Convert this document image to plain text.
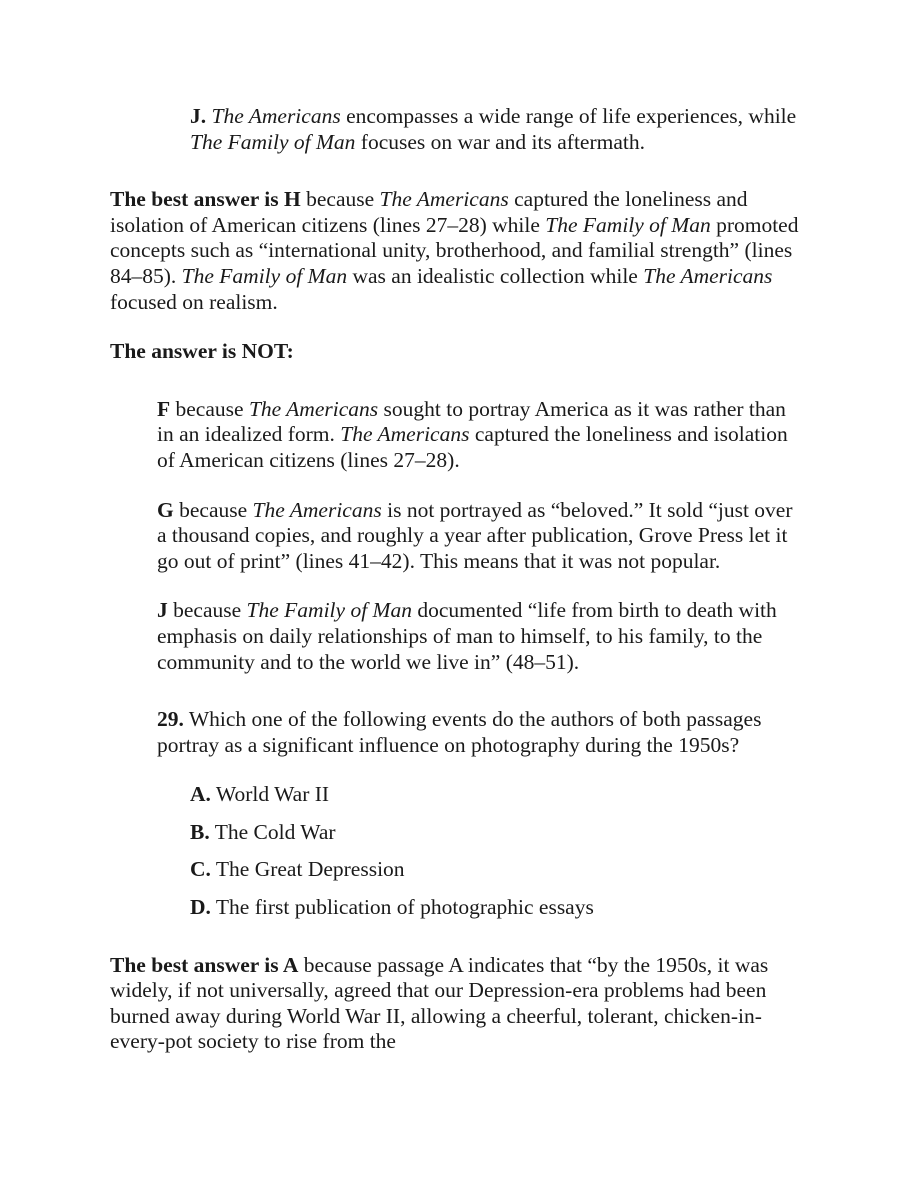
J. The Americans encompasses a wide range of life experiences, while The Family of Man focuses on war and its aftermath.

The best answer is H because The Americans captured the loneliness and isolation of American citizens (lines 27–28) while The Family of Man promoted concepts such as “international unity, brotherhood, and familial strength” (lines 84–85). The Family of Man was an idealistic collection while The Americans focused on realism.

The answer is NOT:

F because The Americans sought to portray America as it was rather than in an idealized form. The Americans captured the loneliness and isolation of American citizens (lines 27–28).

G because The Americans is not portrayed as “beloved.” It sold “just over a thousand copies, and roughly a year after publication, Grove Press let it go out of print” (lines 41–42). This means that it was not popular.

J because The Family of Man documented “life from birth to death with emphasis on daily relationships of man to himself, to his family, to the community and to the world we live in” (48–51).

29. Which one of the following events do the authors of both passages portray as a significant influence on photography during the 1950s?

A. World War II

B. The Cold War

C. The Great Depression

D. The first publication of photographic essays

The best answer is A because passage A indicates that “by the 1950s, it was widely, if not universally, agreed that our Depression-era problems had been burned away during World War II, allowing a cheerful, tolerant, chicken-in-every-pot society to rise from the
